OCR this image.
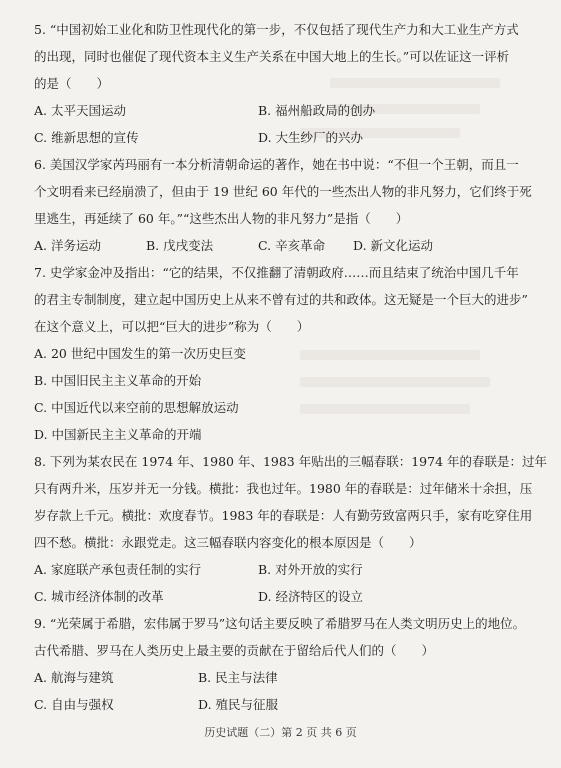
5. “中国初始工业化和防卫性现代化的第一步，不仅包括了现代生产力和大工业生产方式
的出现，同时也催促了现代资本主义生产关系在中国大地上的生长。”可以佐证这一评析
的是（　　）
A. 太平天国运动	B. 福州船政局的创办
C. 维新思想的宣传	D. 大生纱厂的兴办
6. 美国汉学家芮玛丽有一本分析清朝命运的著作，她在书中说：“不但一个王朝，而且一
个文明看来已经崩溃了，但由于 19 世纪 60 年代的一些杰出人物的非凡努力，它们终于死
里逃生，再延续了 60 年。”“这些杰出人物的非凡努力”是指（　　）
A. 洋务运动	B. 戊戌变法	C. 辛亥革命 D. 新文化运动
7. 史学家金冲及指出：“它的结果，不仅推翻了清朝政府……而且结束了统治中国几千年
的君主专制制度，建立起中国历史上从来不曾有过的共和政体。这无疑是一个巨大的进步”
在这个意义上，可以把“巨大的进步”称为（　　）
A. 20 世纪中国发生的第一次历史巨变
B. 中国旧民主主义革命的开始
C. 中国近代以来空前的思想解放运动
D. 中国新民主主义革命的开端
8. 下列为某农民在 1974 年、1980 年、1983 年贴出的三幅春联：1974 年的春联是：过年
只有两升米，压岁并无一分钱。横批：我也过年。1980 年的春联是：过年储米十余担，压
岁存款上千元。横批：欢度春节。1983 年的春联是：人有勤劳致富两只手，家有吃穿住用
四不愁。横批：永跟党走。这三幅春联内容变化的根本原因是（　　）
A. 家庭联产承包责任制的实行	B. 对外开放的实行
C. 城市经济体制的改革	D. 经济特区的设立
9. “光荣属于希腊，宏伟属于罗马”这句话主要反映了希腊罗马在人类文明历史上的地位。
古代希腊、罗马在人类历史上最主要的贡献在于留给后代人们的（　　）
A. 航海与建筑	B. 民主与法律
C. 自由与强权	D. 殖民与征服
历史试题（二）第 2 页 共 6 页
